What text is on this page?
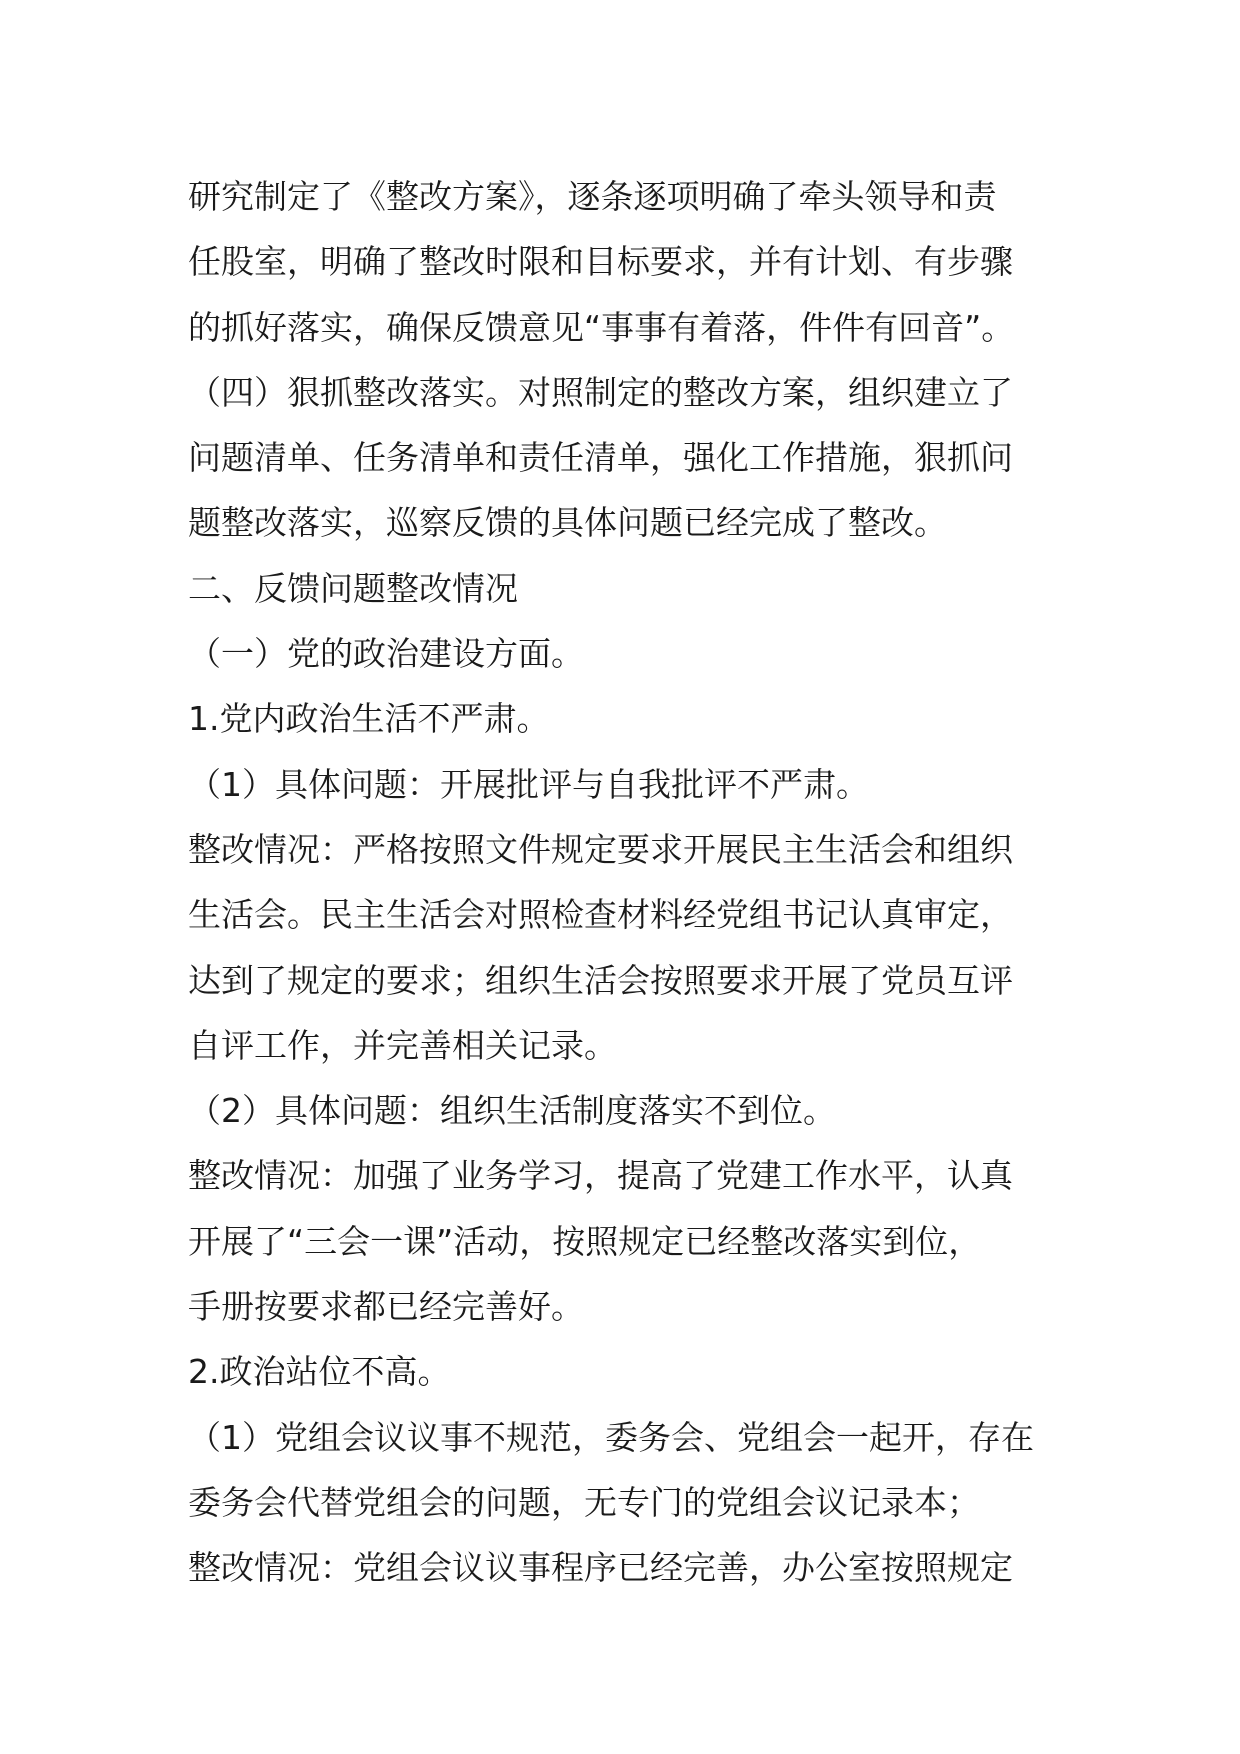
研究制定了《整改方案》，逐条逐项明确了牵头领导和责
任股室，明确了整改时限和目标要求，并有计划、有步骤
的抓好落实，确保反馈意见“事事有着落，件件有回音”。
（四）狠抓整改落实。对照制定的整改方案，组织建立了
问题清单、任务清单和责任清单，强化工作措施，狠抓问
题整改落实，巡察反馈的具体问题已经完成了整改。
二、反馈问题整改情况
（一）党的政治建设方面。
1.党内政治生活不严肃。
（1）具体问题：开展批评与自我批评不严肃。
整改情况：严格按照文件规定要求开展民主生活会和组织
生活会。民主生活会对照检查材料经党组书记认真审定，
达到了规定的要求；组织生活会按照要求开展了党员互评
自评工作，并完善相关记录。
（2）具体问题：组织生活制度落实不到位。
整改情况：加强了业务学习，提高了党建工作水平，认真
开展了“三会一课”活动，按照规定已经整改落实到位，
手册按要求都已经完善好。
2.政治站位不高。
（1）党组会议议事不规范，委务会、党组会一起开，存在
委务会代替党组会的问题，无专门的党组会议记录本；
整改情况：党组会议议事程序已经完善，办公室按照规定
